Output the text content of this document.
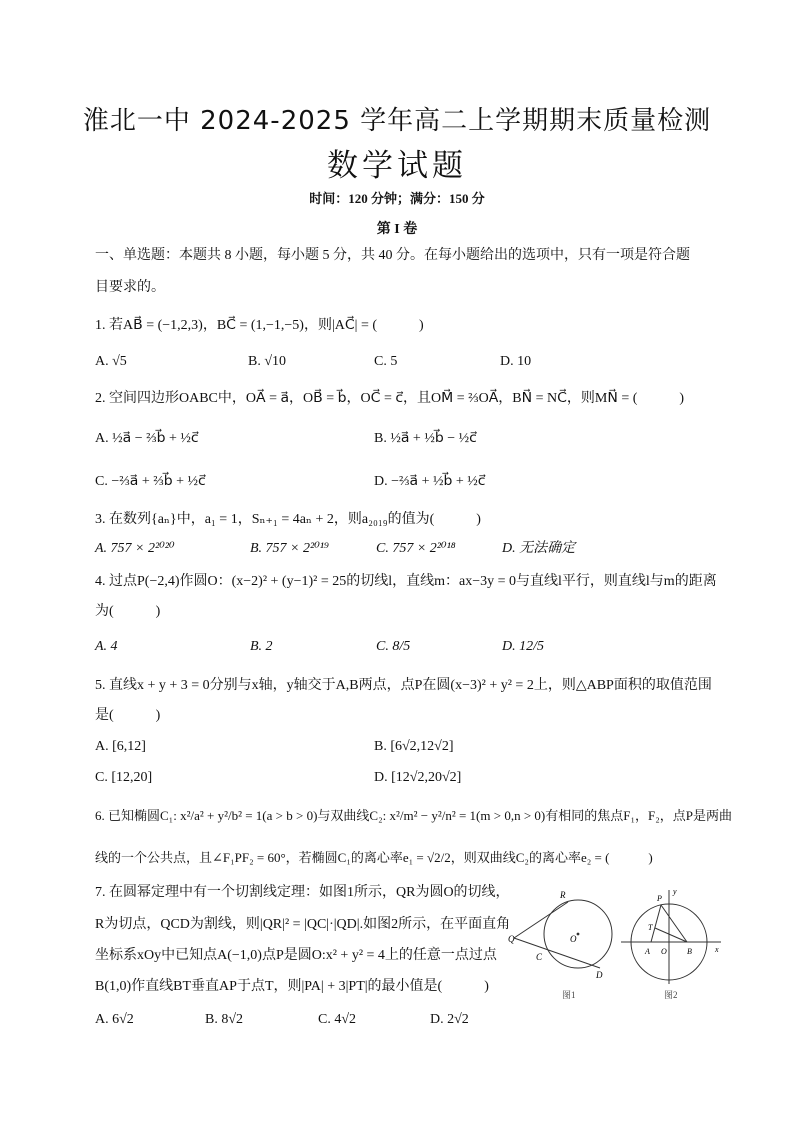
淮北一中 2024-2025 学年高二上学期期末质量检测
数学试题
时间：120 分钟；满分：150 分
第 I 卷
一、单选题：本题共 8 小题，每小题 5 分，共 40 分。在每小题给出的选项中，只有一项是符合题
目要求的。
1. 若AB⃗ = (−1,2,3)，BC⃗ = (1,−1,−5)，则|AC⃗| = (　　　)
A. √5	B. √10	C. 5	D. 10
2. 空间四边形OABC中，OA⃗ = a⃗，OB⃗ = b⃗，OC⃗ = c⃗，且OM⃗ = ⅔OA⃗，BN⃗ = NC⃗，则MN⃗ = (　　　)
A. ½a⃗ − ⅔b⃗ + ½c⃗	B. ½a⃗ + ½b⃗ − ½c⃗
C. −⅔a⃗ + ⅔b⃗ + ½c⃗	D. −⅔a⃗ + ½b⃗ + ½c⃗
3. 在数列{aₙ}中，a₁ = 1，Sₙ₊₁ = 4aₙ + 2，则a₂₀₁₉的值为(　　　)
A. 757 × 2²⁰²⁰	B. 757 × 2²⁰¹⁹	C. 757 × 2²⁰¹⁸	D. 无法确定
4. 过点P(−2,4)作圆O：(x−2)² + (y−1)² = 25的切线l，直线m：ax−3y = 0与直线l平行，则直线l与m的距离
为(　　　)
A. 4	B. 2	C. 8/5	D. 12/5
5. 直线x + y + 3 = 0分别与x轴，y轴交于A,B两点，点P在圆(x−3)² + y² = 2上，则△ABP面积的取值范围
是(　　　)
A. [6,12]	B. [6√2,12√2]
C. [12,20]	D. [12√2,20√2]
6. 已知椭圆C₁: x²/a² + y²/b² = 1(a > b > 0)与双曲线C₂: x²/m² − y²/n² = 1(m > 0,n > 0)有相同的焦点F₁，F₂，点P是两曲
线的一个公共点，且∠F₁PF₂ = 60°，若椭圆C₁的离心率e₁ = √2/2，则双曲线C₂的离心率e₂ = (　　　)
7. 在圆幂定理中有一个切割线定理：如图1所示，QR为圆O的切线，
R为切点，QCD为割线，则|QR|² = |QC|·|QD|.如图2所示，在平面直角
坐标系xOy中已知点A(−1,0)点P是圆O:x² + y² = 4上的任意一点过点
B(1,0)作直线BT垂直AP于点T，则|PA| + 3|PT|的最小值是(　　　)
A. 6√2	B. 8√2	C. 4√2	D. 2√2
Q
R
C
O
D
图1
P
T
A O	B	x
y
图2
